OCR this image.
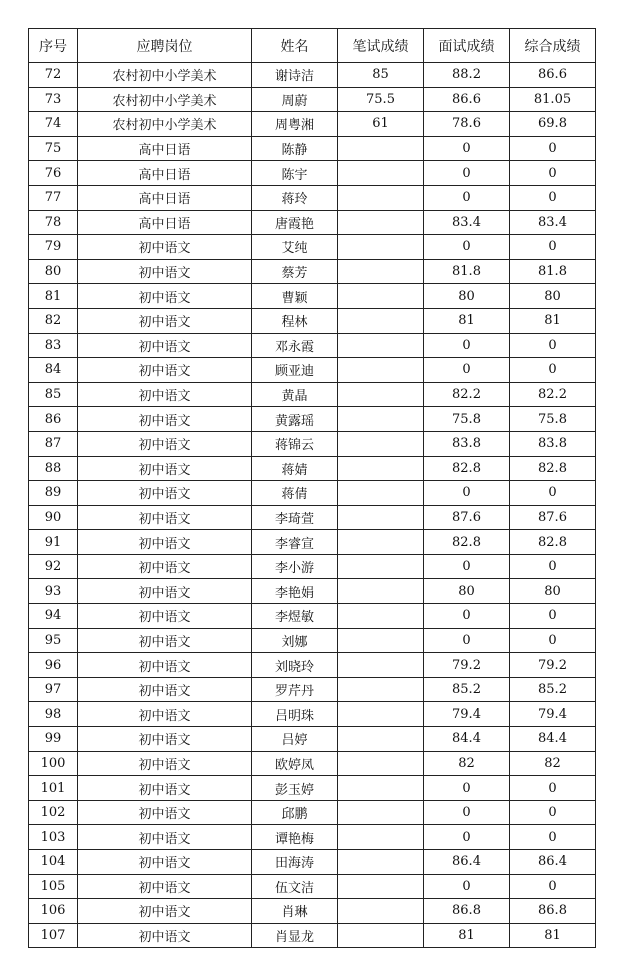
序号	应聘岗位	姓名	笔试成绩	面试成绩	综合成绩
72	农村初中小学美术	谢诗洁	85	88.2	86.6
73	农村初中小学美术	周蔚	75.5	86.6	81.05
74	农村初中小学美术	周粤湘	61	78.6	69.8
75	高中日语	陈静		0	0
76	高中日语	陈宇		0	0
77	高中日语	蒋玲		0	0
78	高中日语	唐霞艳		83.4	83.4
79	初中语文	艾纯		0	0
80	初中语文	蔡芳		81.8	81.8
81	初中语文	曹颖		80	80
82	初中语文	程林		81	81
83	初中语文	邓永霞		0	0
84	初中语文	顾亚迪		0	0
85	初中语文	黄晶		82.2	82.2
86	初中语文	黄露瑶		75.8	75.8
87	初中语文	蒋锦云		83.8	83.8
88	初中语文	蒋婧		82.8	82.8
89	初中语文	蒋倩		0	0
90	初中语文	李琦萱		87.6	87.6
91	初中语文	李睿宣		82.8	82.8
92	初中语文	李小游		0	0
93	初中语文	李艳娟		80	80
94	初中语文	李煜敏		0	0
95	初中语文	刘娜		0	0
96	初中语文	刘晓玲		79.2	79.2
97	初中语文	罗芹丹		85.2	85.2
98	初中语文	吕明珠		79.4	79.4
99	初中语文	吕婷		84.4	84.4
100	初中语文	欧婷凤		82	82
101	初中语文	彭玉婷		0	0
102	初中语文	邱鹏		0	0
103	初中语文	谭艳梅		0	0
104	初中语文	田海涛		86.4	86.4
105	初中语文	伍文洁		0	0
106	初中语文	肖琳		86.8	86.8
107	初中语文	肖显龙		81	81
